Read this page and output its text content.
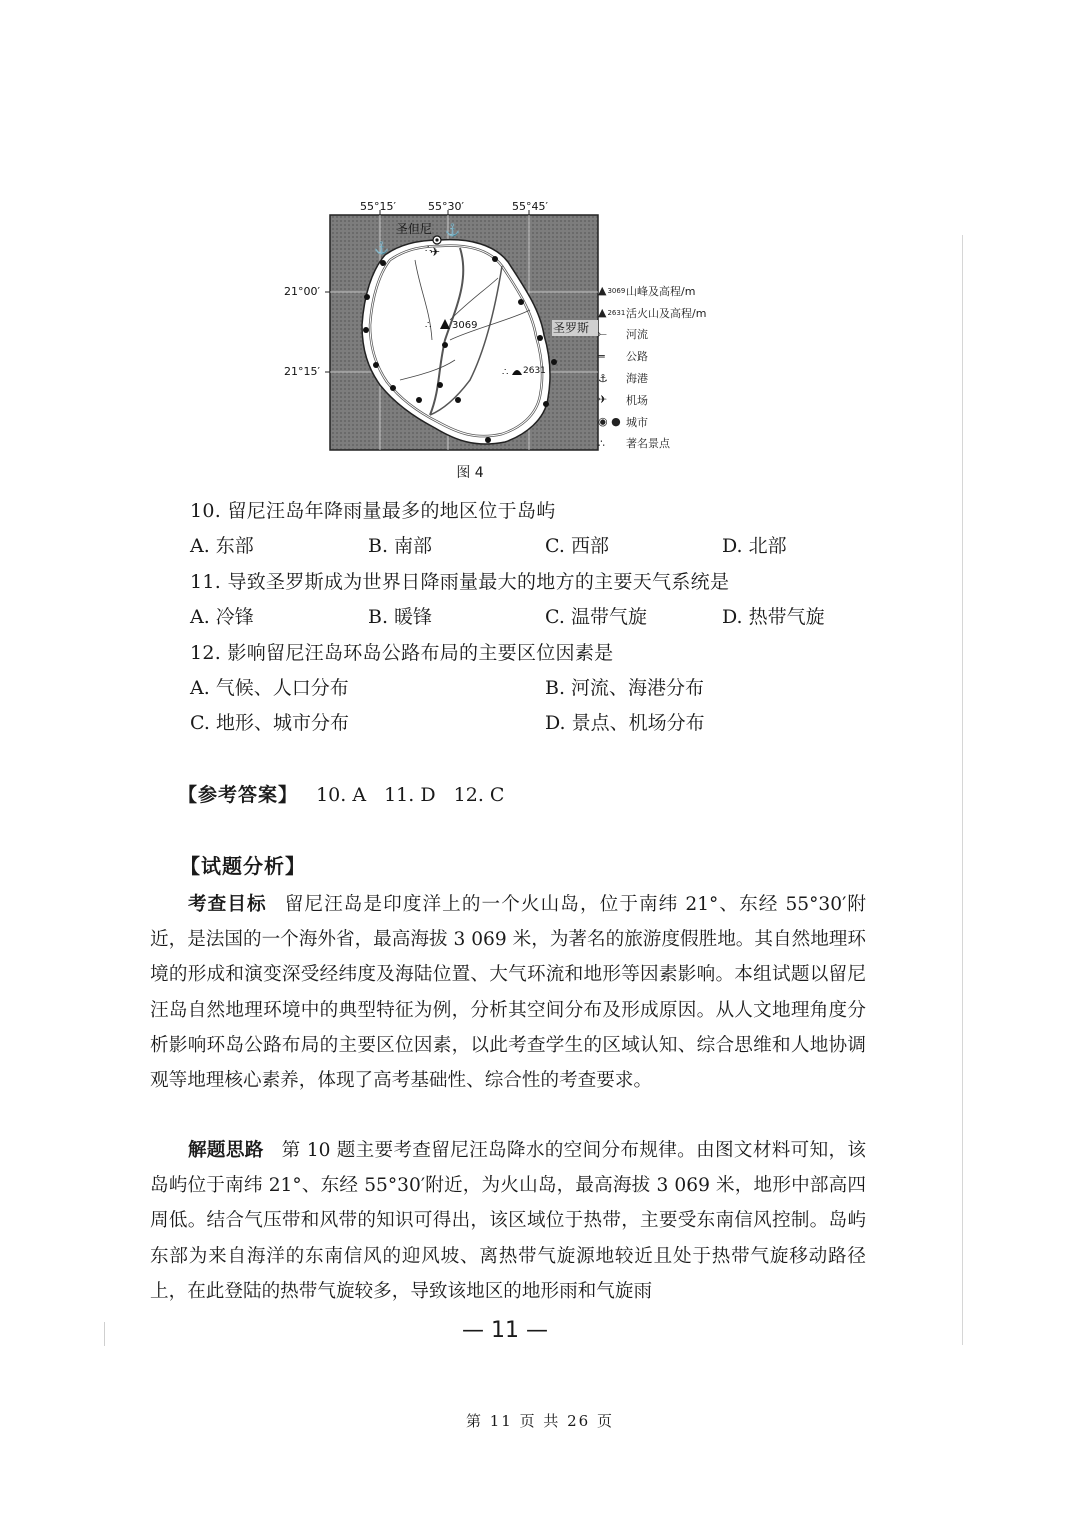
圣但尼 ⚓
⚓	✈
∴
∴ 3069	圣罗斯
∴ 2631
55°15′	55°30′	55°45′
21°00′
21°15′
▲ 3069 山峰及高程/m
▲ 2631 活火山及高程/m
⤚ 河流
═ 公路
⚓ 海港
✈ 机场
◉ ● 城市
∴ 著名景点
图 4
10. 留尼汪岛年降雨量最多的地区位于岛屿
A. 东部	B. 南部	C. 西部	D. 北部
11. 导致圣罗斯成为世界日降雨量最大的地方的主要天气系统是
A. 冷锋	B. 暖锋	C. 温带气旋	D. 热带气旋
12. 影响留尼汪岛环岛公路布局的主要区位因素是
A. 气候、人口分布	B. 河流、海港分布
C. 地形、城市分布	D. 景点、机场分布
【参考答案】 10. A 11. D 12. C
【试题分析】
考查目标 留尼汪岛是印度洋上的一个火山岛，位于南纬 21°、东经 55°30′附近，是法国的一个海外省，最高海拔 3 069 米，为著名的旅游度假胜地。其自然地理环境的形成和演变深受经纬度及海陆位置、大气环流和地形等因素影响。本组试题以留尼汪岛自然地理环境中的典型特征为例，分析其空间分布及形成原因。从人文地理角度分析影响环岛公路布局的主要区位因素，以此考查学生的区域认知、综合思维和人地协调观等地理核心素养，体现了高考基础性、综合性的考查要求。
解题思路 第 10 题主要考查留尼汪岛降水的空间分布规律。由图文材料可知，该岛屿位于南纬 21°、东经 55°30′附近，为火山岛，最高海拔 3 069 米，地形中部高四周低。结合气压带和风带的知识可得出，该区域位于热带，主要受东南信风控制。岛屿东部为来自海洋的东南信风的迎风坡、离热带气旋源地较近且处于热带气旋移动路径上，在此登陆的热带气旋较多，导致该地区的地形雨和气旋雨
— 11 —
第 11 页 共 26 页
